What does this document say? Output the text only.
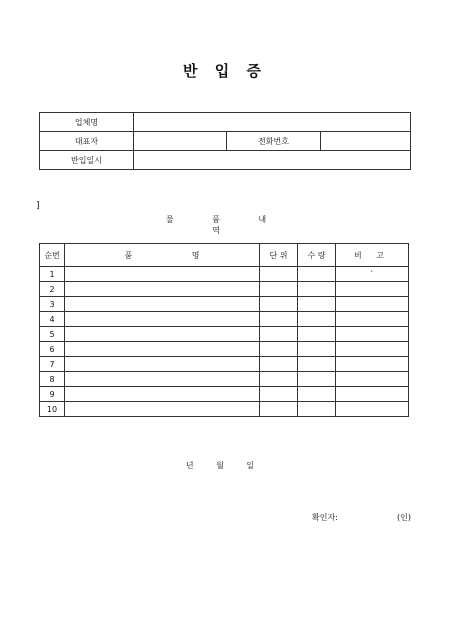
반 입 증
업체명			
대표자		전화번호	
반입일시			
]
물 품 내 역
순번	품 명	단 위	수 량	비 고
1				`
2				
3				
4				
5				
6				
7				
8				
9				
10				
년 월 일
확인자:	(인)
